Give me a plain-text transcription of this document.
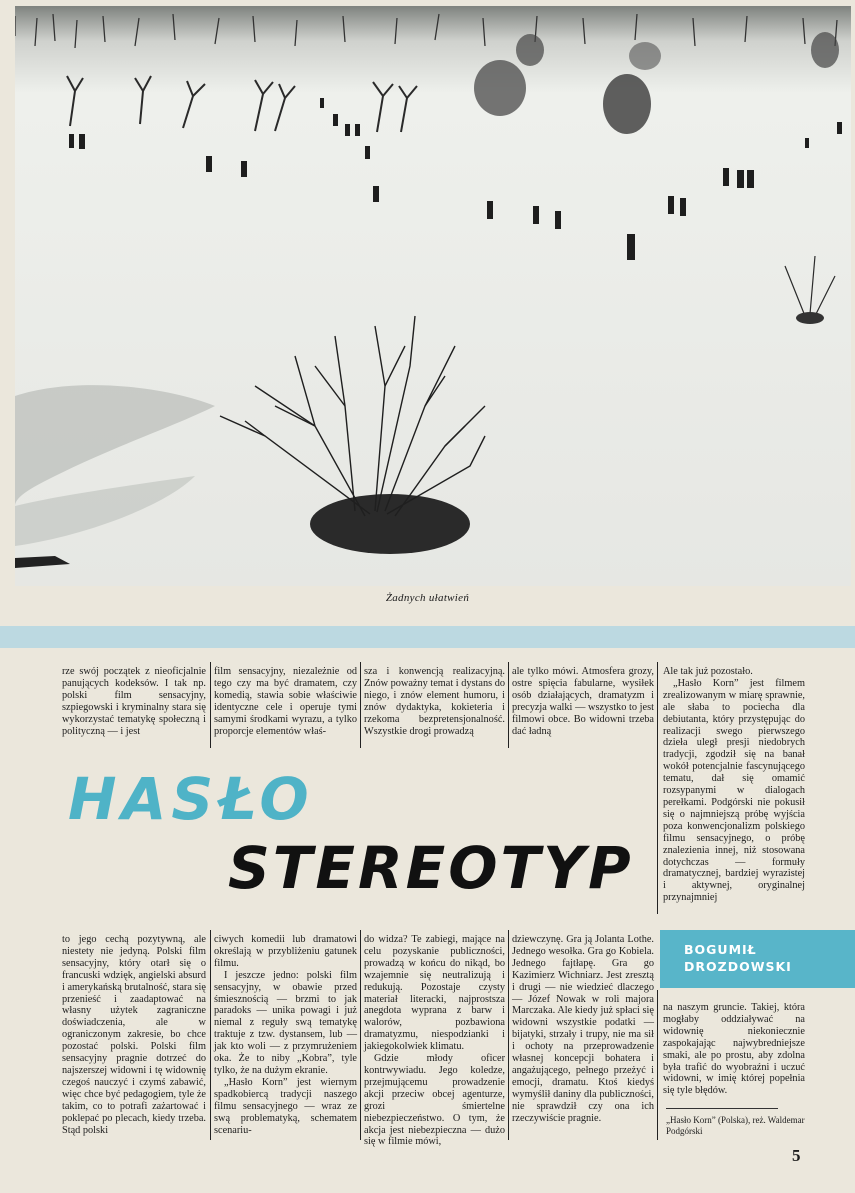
Żadnych ułatwień
rze swój początek z nieoficjalnie panujących kodeksów. I tak np. polski film sensacyjny, szpiegowski i kryminalny stara się wykorzystać tematykę społeczną i polityczną — i jest
film sensacyjny, niezależnie od tego czy ma być dramatem, czy komedią, stawia sobie właściwie identyczne cele i operuje tymi samymi środkami wyrazu, a tylko proporcje elementów właś-
sza i konwencją realizacyjną. Znów poważny temat i dystans do niego, i znów element humoru, i znów dydaktyka, kokieteria i rzekoma bezpretensjonalność. Wszystkie drogi prowadzą
ale tylko mówi. Atmosfera grozy, ostre spięcia fabularne, wysiłek osób działających, dramatyzm i precyzja walki — wszystko to jest filmowi obce. Bo widowni trzeba dać ładną

Ale tak już pozostało.

„Hasło Korn” jest filmem zrealizowanym w miarę sprawnie, ale słaba to pociecha dla debiutanta, który przystępując do realizacji swego pierwszego dzieła uległ presji niedobrych tradycji, zgodził się na banał wokół potencjalnie fascynującego tematu, dał się omamić rozsypanymi w dialogach perełkami. Podgórski nie pokusił się o najmniejszą próbę wyjścia poza konwencjonalizm polskiego filmu sensacyjnego, o próbę znalezienia innej, niż stosowana dotychczas — formuły dramatycznej, bardziej wyrazistej i aktywnej, oryginalnej przynajmniej

HASŁO
STEREOTYP
BOGUMIŁ
DROZDOWSKI
to jego cechą pozytywną, ale niestety nie jedyną. Polski film sensacyjny, który otarł się o francuski wdzięk, angielski absurd i amerykańską brutalność, stara się przenieść i zaadaptować na własny użytek zagraniczne doświadczenia, ale w ograniczonym zakresie, bo chce pozostać polski. Polski film sensacyjny pragnie dotrzeć do najszerszej widowni i tę widownię czegoś nauczyć i czymś zabawić, więc chce być pedagogiem, tyle że takim, co to potrafi zażartować i poklepać po plecach, kiedy trzeba. Stąd polski

ciwych komedii lub dramatowi określają w przybliżeniu gatunek filmu.

I jeszcze jedno: polski film sensacyjny, w obawie przed śmiesznością — brzmi to jak paradoks — unika powagi i już niemal z reguły swą tematykę traktuje z tzw. dystansem, lub — jak kto woli — z przymrużeniem oka. Że to niby „Kobra”, tyle tylko, że na dużym ekranie.

„Hasło Korn” jest wiernym spadkobiercą tradycji naszego filmu sensacyjnego — wraz ze swą problematyką, schematem scenariu-

do widza? Te zabiegi, mające na celu pozyskanie publiczności, prowadzą w końcu do nikąd, bo wzajemnie się neutralizują i redukują. Pozostaje czysty materiał literacki, najprostsza anegdota wyprana z barw i walorów, pozbawiona dramatyzmu, niespodzianki i jakiegokolwiek klimatu.

Gdzie młody oficer kontrwywiadu. Jego koledze, przejmującemu prowadzenie akcji przeciw obcej agenturze, grozi śmiertelne niebezpieczeństwo. O tym, że akcja jest niebezpieczna — dużo się w filmie mówi,

dziewczynę. Gra ją Jolanta Lothe. Jednego wesołka. Gra go Kobiela. Jednego fajtłapę. Gra go Kazimierz Wichniarz. Jest zresztą i drugi — nie wiedzieć dlaczego — Józef Nowak w roli majora Marczaka. Ale kiedy już spłaci się widowni wszystkie podatki — bijatyki, strzały i trupy, nie ma sił i ochoty na przeprowadzenie własnej koncepcji bohatera i angażującego, pełnego przeżyć i emocji, dramatu. Ktoś kiedyś wymyślił daniny dla publiczności, nie sprawdził czy ona ich rzeczywiście pragnie.
na naszym gruncie. Takiej, która mogłaby oddziaływać na widownię niekoniecznie zaspokajając najwybredniejsze smaki, ale po prostu, aby zdolna była trafić do wyobraźni i uczuć widowni, w imię której popełnia się tyle błędów.
„Hasło Korn” (Polska), reż. Waldemar Podgórski
5
